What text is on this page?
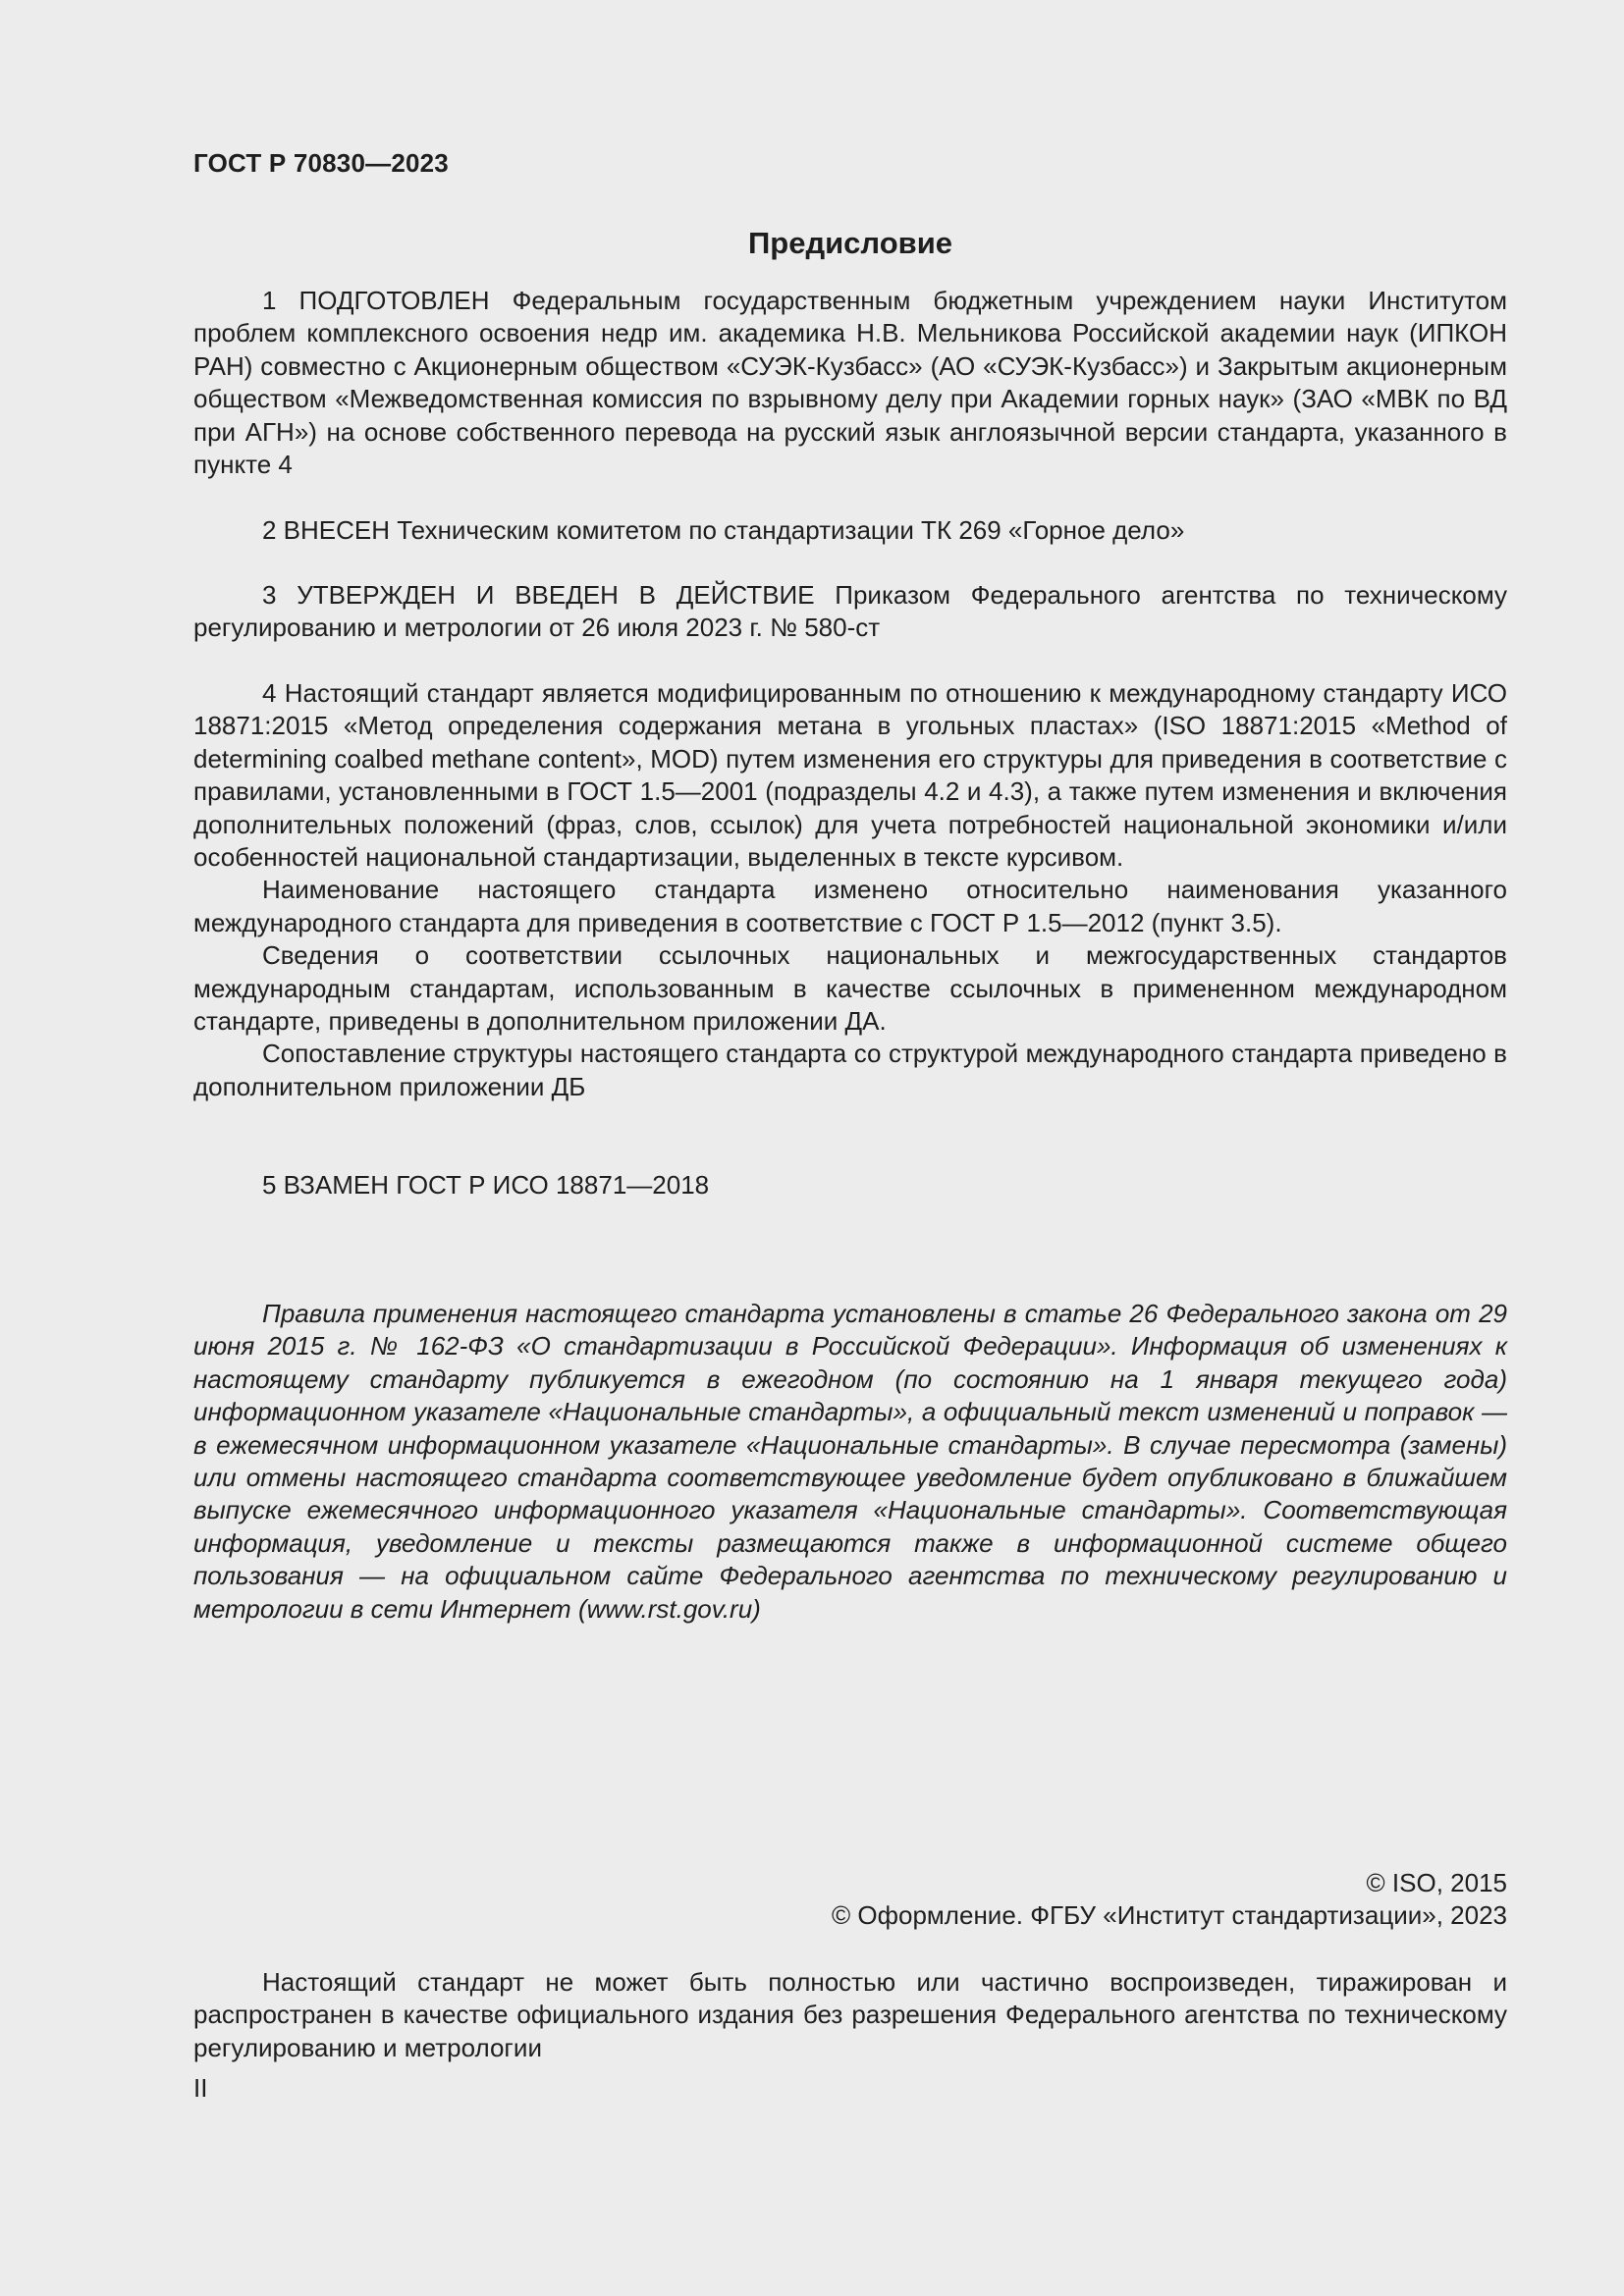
ГОСТ Р 70830—2023
Предисловие

1 ПОДГОТОВЛЕН Федеральным государственным бюджетным учреждением науки Институтом проблем комплексного освоения недр им. академика Н.В. Мельникова Российской академии наук (ИПКОН РАН) совместно с Акционерным обществом «СУЭК-Кузбасс» (АО «СУЭК-Кузбасс») и Закрытым акционерным обществом «Межведомственная комиссия по взрывному делу при Академии горных наук» (ЗАО «МВК по ВД при АГН») на основе собственного перевода на русский язык англоязычной версии стандарта, указанного в пункте 4

2 ВНЕСЕН Техническим комитетом по стандартизации ТК 269 «Горное дело»

3 УТВЕРЖДЕН И ВВЕДЕН В ДЕЙСТВИЕ Приказом Федерального агентства по техническому регулированию и метрологии от 26 июля 2023 г. № 580-ст

4 Настоящий стандарт является модифицированным по отношению к международному стандарту ИСО 18871:2015 «Метод определения содержания метана в угольных пластах» (ISO 18871:2015 «Method of determining coalbed methane content», MOD) путем изменения его структуры для приведения в соответствие с правилами, установленными в ГОСТ 1.5—2001 (подразделы 4.2 и 4.3), а также путем изменения и включения дополнительных положений (фраз, слов, ссылок) для учета потребностей национальной экономики и/или особенностей национальной стандартизации, выделенных в тексте курсивом.

Наименование настоящего стандарта изменено относительно наименования указанного международного стандарта для приведения в соответствие с ГОСТ Р 1.5—2012 (пункт 3.5).

Сведения о соответствии ссылочных национальных и межгосударственных стандартов международным стандартам, использованным в качестве ссылочных в примененном международном стандарте, приведены в дополнительном приложении ДА.

Сопоставление структуры настоящего стандарта со структурой международного стандарта приведено в дополнительном приложении ДБ

5 ВЗАМЕН ГОСТ Р ИСО 18871—2018

Правила применения настоящего стандарта установлены в статье 26 Федерального закона от 29 июня 2015 г. № 162-ФЗ «О стандартизации в Российской Федерации». Информация об изменениях к настоящему стандарту публикуется в ежегодном (по состоянию на 1 января текущего года) информационном указателе «Национальные стандарты», а официальный текст изменений и поправок — в ежемесячном информационном указателе «Национальные стандарты». В случае пересмотра (замены) или отмены настоящего стандарта соответствующее уведомление будет опубликовано в ближайшем выпуске ежемесячного информационного указателя «Национальные стандарты». Соответствующая информация, уведомление и тексты размещаются также в информационной системе общего пользования — на официальном сайте Федерального агентства по техническому регулированию и метрологии в сети Интернет (www.rst.gov.ru)

© ISO, 2015
© Оформление. ФГБУ «Институт стандартизации», 2023

Настоящий стандарт не может быть полностью или частично воспроизведен, тиражирован и распространен в качестве официального издания без разрешения Федерального агентства по техническому регулированию и метрологии

II
